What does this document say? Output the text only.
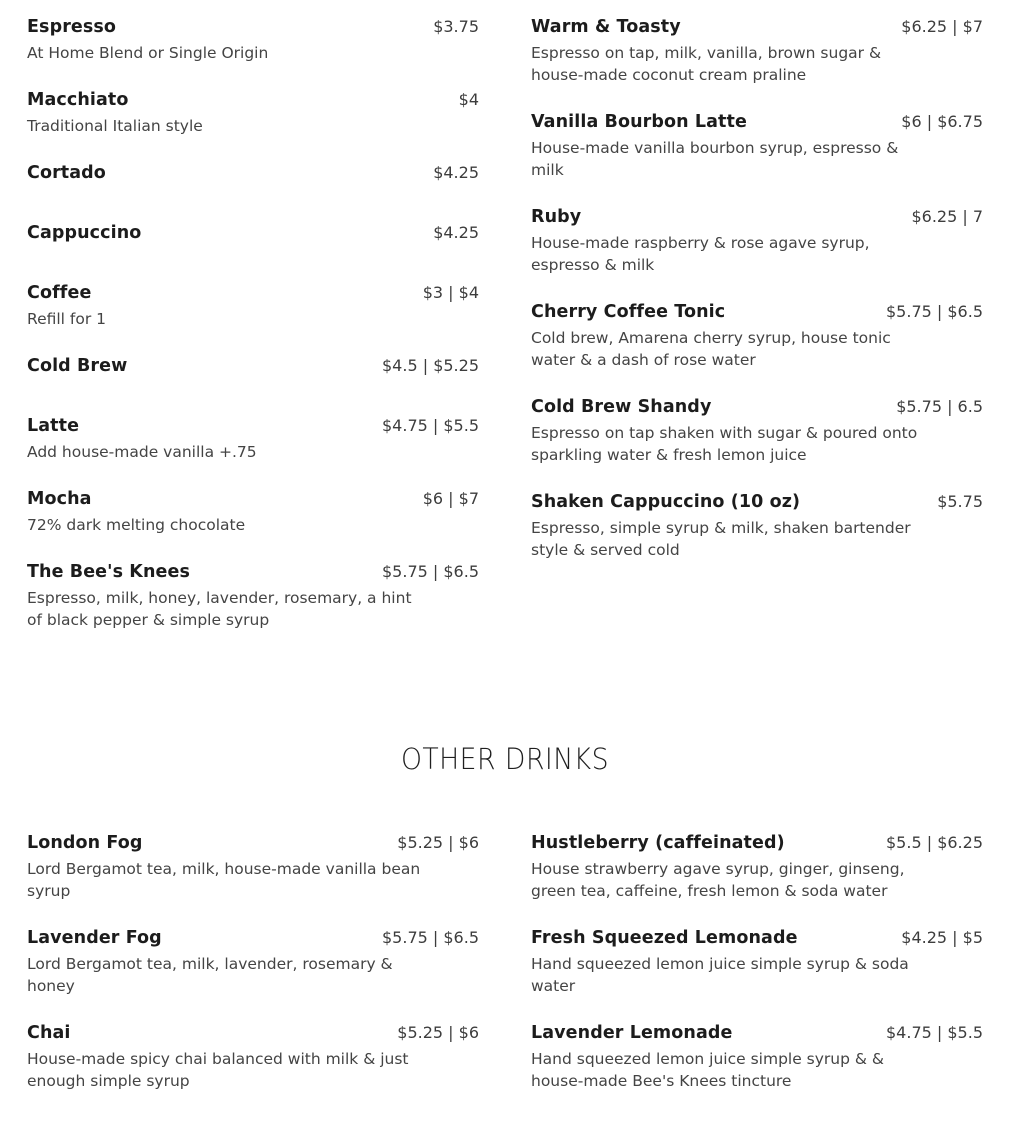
Espresso	$3.75
At Home Blend or Single Origin
Macchiato	$4
Traditional Italian style
Cortado	$4.25
Cappuccino	$4.25
Coffee	$3 | $4
Refill for 1
Cold Brew	$4.5 | $5.25
Latte	$4.75 | $5.5
Add house-made vanilla +.75
Mocha	$6 | $7
72% dark melting chocolate
The Bee's Knees	$5.75 | $6.5
Espresso, milk, honey, lavender, rosemary, a hint of black pepper & simple syrup
Warm & Toasty	$6.25 | $7
Espresso on tap, milk, vanilla, brown sugar & house-made coconut cream praline
Vanilla Bourbon Latte	$6 | $6.75
House-made vanilla bourbon syrup, espresso & milk
Ruby	$6.25 | 7
House-made raspberry & rose agave syrup, espresso & milk
Cherry Coffee Tonic	$5.75 | $6.5
Cold brew, Amarena cherry syrup, house tonic water & a dash of rose water
Cold Brew Shandy	$5.75 | 6.5
Espresso on tap shaken with sugar & poured onto sparkling water & fresh lemon juice
Shaken Cappuccino (10 oz)	$5.75
Espresso, simple syrup & milk, shaken bartender style & served cold
OTHER DRINKS
London Fog	$5.25 | $6
Lord Bergamot tea, milk, house-made vanilla bean syrup
Lavender Fog	$5.75 | $6.5
Lord Bergamot tea, milk, lavender, rosemary & honey
Chai	$5.25 | $6
House-made spicy chai balanced with milk & just enough simple syrup
Hustleberry (caffeinated)	$5.5 | $6.25
House strawberry agave syrup, ginger, ginseng, green tea, caffeine, fresh lemon & soda water
Fresh Squeezed Lemonade	$4.25 | $5
Hand squeezed lemon juice simple syrup & soda water
Lavender Lemonade	$4.75 | $5.5
Hand squeezed lemon juice simple syrup & & house-made Bee's Knees tincture
